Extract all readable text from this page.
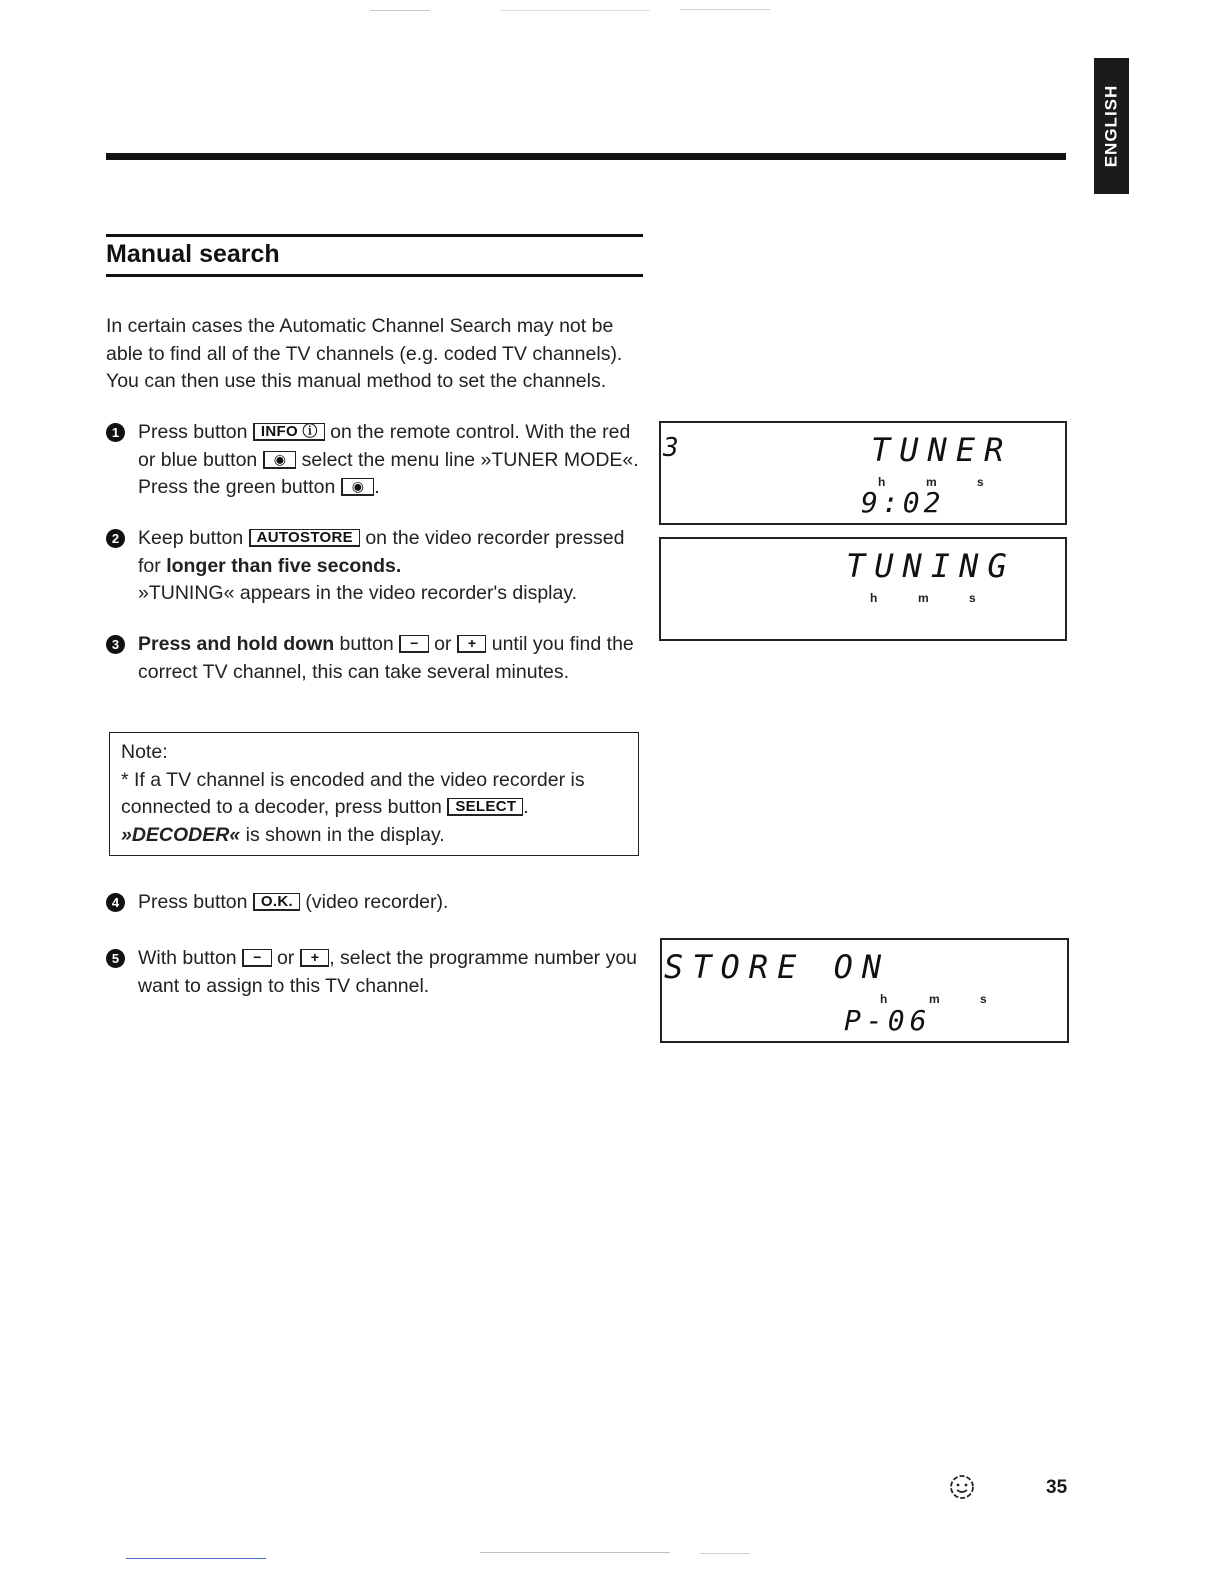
ENGLISH
Manual search
In certain cases the Automatic Channel Search may not be able to find all of the TV channels (e.g. coded TV channels). You can then use this manual method to set the channels.
1 Press button INFO ⓘ on the remote control. With the red or blue button ◉ select the menu line »TUNER MODE«. Press the green button ◉ .
2 Keep button AUTOSTORE on the video recorder pressed for longer than five seconds.
»TUNING« appears in the video recorder's display.
3 Press and hold down button − or + until you find the correct TV channel, this can take several minutes.
Note:
* If a TV channel is encoded and the video recorder is connected to a decoder, press button SELECT .
»DECODER« is shown in the display.
4 Press button O.K. (video recorder).
5 With button − or + , select the programme number you want to assign to this TV channel.
3	TUNER
h	m	s
9:02
TUNING
h	m	s
STORE ON
h	m	s
P-06
35
